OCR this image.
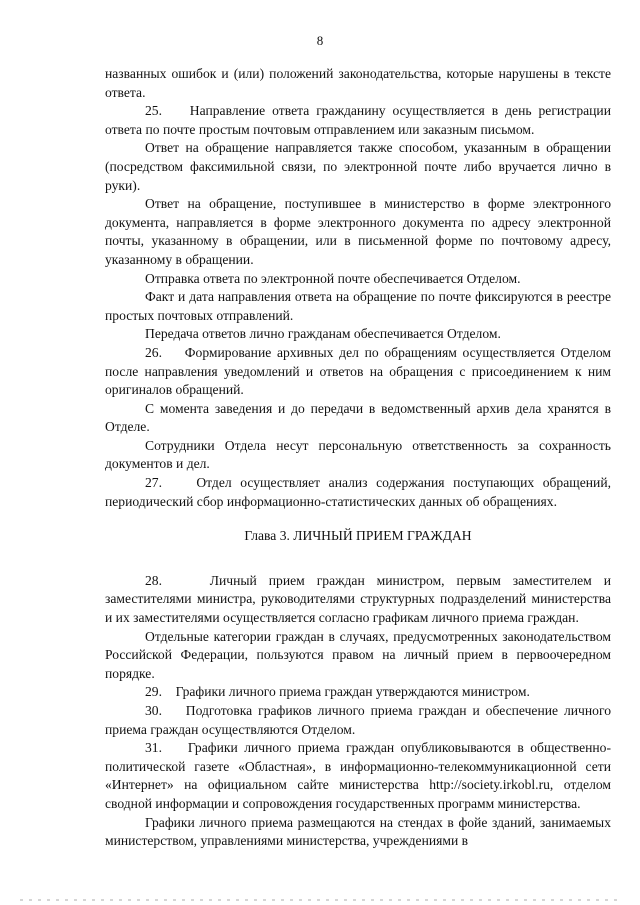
8

названных ошибок и (или) положений законодательства, которые нарушены в тексте ответа.

25.    Направление ответа гражданину осуществляется в день регистрации ответа по почте простым почтовым отправлением или заказным письмом.

Ответ на обращение направляется также способом, указанным в обращении (посредством факсимильной связи, по электронной почте либо вручается лично в руки).

Ответ на обращение, поступившее в министерство в форме электронного документа, направляется в форме электронного документа по адресу электронной почты, указанному в обращении, или в письменной форме по почтовому адресу, указанному в обращении.

Отправка ответа по электронной почте обеспечивается Отделом.

Факт и дата направления ответа на обращение по почте фиксируются в реестре простых почтовых отправлений.

Передача ответов лично гражданам обеспечивается Отделом.

26.    Формирование архивных дел по обращениям осуществляется Отделом после направления уведомлений и ответов на обращения с присоединением к ним оригиналов обращений.

С момента заведения и до передачи в ведомственный архив дела хранятся в Отделе.

Сотрудники Отдела несут персональную ответственность за сохранность документов и дел.

27.    Отдел осуществляет анализ содержания поступающих обращений, периодический сбор информационно-статистических данных об обращениях.

Глава 3. ЛИЧНЫЙ ПРИЕМ ГРАЖДАН

28.    Личный прием граждан министром, первым заместителем и заместителями министра, руководителями структурных подразделений министерства и их заместителями осуществляется согласно графикам личного приема граждан.

Отдельные категории граждан в случаях, предусмотренных законодательством Российской Федерации, пользуются правом на личный прием в первоочередном порядке.

29.    Графики личного приема граждан утверждаются министром.

30.    Подготовка графиков личного приема граждан и обеспечение личного приема граждан осуществляются Отделом.

31.    Графики личного приема граждан опубликовываются в общественно-политической газете «Областная», в информационно-телекоммуникационной сети «Интернет» на официальном сайте министерства http://society.irkobl.ru, отделом сводной информации и сопровождения государственных программ министерства.

Графики личного приема размещаются на стендах в фойе зданий, занимаемых министерством, управлениями министерства, учреждениями в
